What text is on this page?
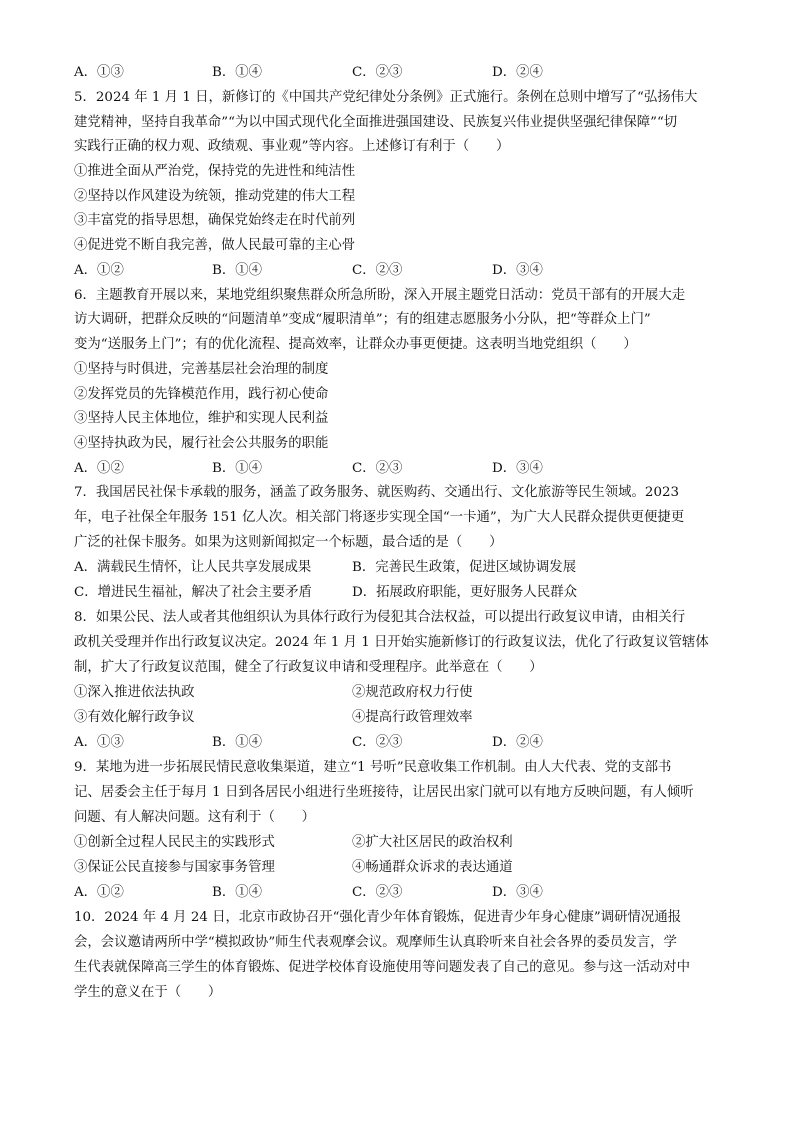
A．①③	B．①④	C．②③	D．②④
5．2024 年 1 月 1 日，新修订的《中国共产党纪律处分条例》正式施行。条例在总则中增写了“弘扬伟大
建党精神，坚持自我革命”“为以中国式现代化全面推进强国建设、民族复兴伟业提供坚强纪律保障”“切
实践行正确的权力观、政绩观、事业观”等内容。上述修订有利于（　　）
①推进全面从严治党，保持党的先进性和纯洁性
②坚持以作风建设为统领，推动党建的伟大工程
③丰富党的指导思想，确保党始终走在时代前列
④促进党不断自我完善，做人民最可靠的主心骨
A．①②	B．①④	C．②③	D．③④
6．主题教育开展以来，某地党组织聚焦群众所急所盼，深入开展主题党日活动：党员干部有的开展大走
访大调研，把群众反映的“问题清单”变成“履职清单”；有的组建志愿服务小分队，把“等群众上门”
变为“送服务上门”；有的优化流程、提高效率，让群众办事更便捷。这表明当地党组织（　　）
①坚持与时俱进，完善基层社会治理的制度
②发挥党员的先锋模范作用，践行初心使命
③坚持人民主体地位，维护和实现人民利益
④坚持执政为民，履行社会公共服务的职能
A．①②	B．①④	C．②③	D．③④
7．我国居民社保卡承载的服务，涵盖了政务服务、就医购药、交通出行、文化旅游等民生领域。2023
年，电子社保全年服务 151 亿人次。相关部门将逐步实现全国“一卡通”，为广大人民群众提供更便捷更
广泛的社保卡服务。如果为这则新闻拟定一个标题，最合适的是（　　）
A．满载民生情怀，让人民共享发展成果	B．完善民生政策，促进区域协调发展
C．增进民生福祉，解决了社会主要矛盾	D．拓展政府职能，更好服务人民群众
8．如果公民、法人或者其他组织认为具体行政行为侵犯其合法权益，可以提出行政复议申请，由相关行
政机关受理并作出行政复议决定。2024 年 1 月 1 日开始实施新修订的行政复议法，优化了行政复议管辖体
制，扩大了行政复议范围，健全了行政复议申请和受理程序。此举意在（　　）
①深入推进依法执政	②规范政府权力行使
③有效化解行政争议	④提高行政管理效率
A．①③	B．①④	C．②③	D．②④
9．某地为进一步拓展民情民意收集渠道，建立“1 号听”民意收集工作机制。由人大代表、党的支部书
记、居委会主任于每月 1 日到各居民小组进行坐班接待，让居民出家门就可以有地方反映问题，有人倾听
问题、有人解决问题。这有利于（　　）
①创新全过程人民民主的实践形式	②扩大社区居民的政治权利
③保证公民直接参与国家事务管理	④畅通群众诉求的表达通道
A．①②	B．①④	C．②③	D．③④
10．2024 年 4 月 24 日，北京市政协召开“强化青少年体育锻炼，促进青少年身心健康”调研情况通报
会，会议邀请两所中学“模拟政协”师生代表观摩会议。观摩师生认真聆听来自社会各界的委员发言，学
生代表就保障高三学生的体育锻炼、促进学校体育设施使用等问题发表了自己的意见。参与这一活动对中
学生的意义在于（　　）
